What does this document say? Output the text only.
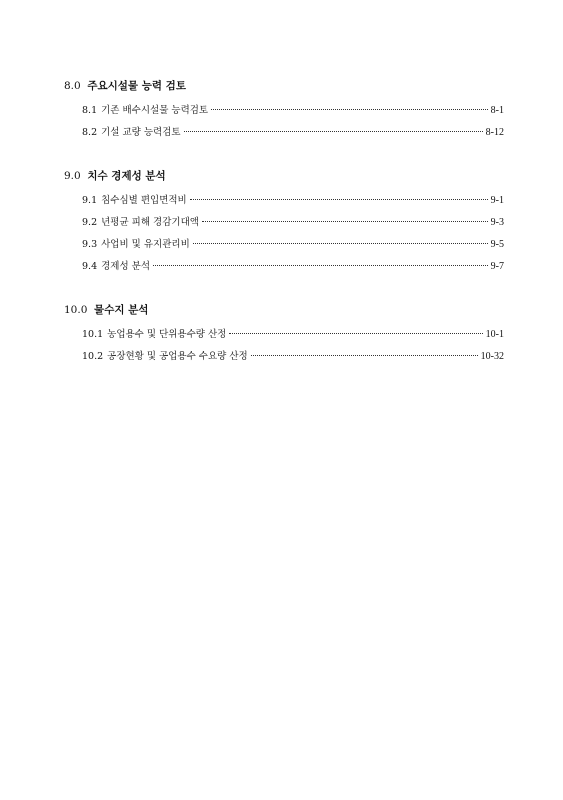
8.0 주요시설물 능력 검토
8.1 기존 배수시설물 능력검토	8-1
8.2 기설 교량 능력검토	8-12
9.0 치수 경제성 분석
9.1 침수심별 편입면적비	9-1
9.2 년평균 피해 경감기대액	9-3
9.3 사업비 및 유지관리비	9-5
9.4 경제성 분석	9-7
10.0 물수지 분석
10.1 농업용수 및 단위용수량 산정	10-1
10.2 공장현황 및 공업용수 수요량 산정	10-32
